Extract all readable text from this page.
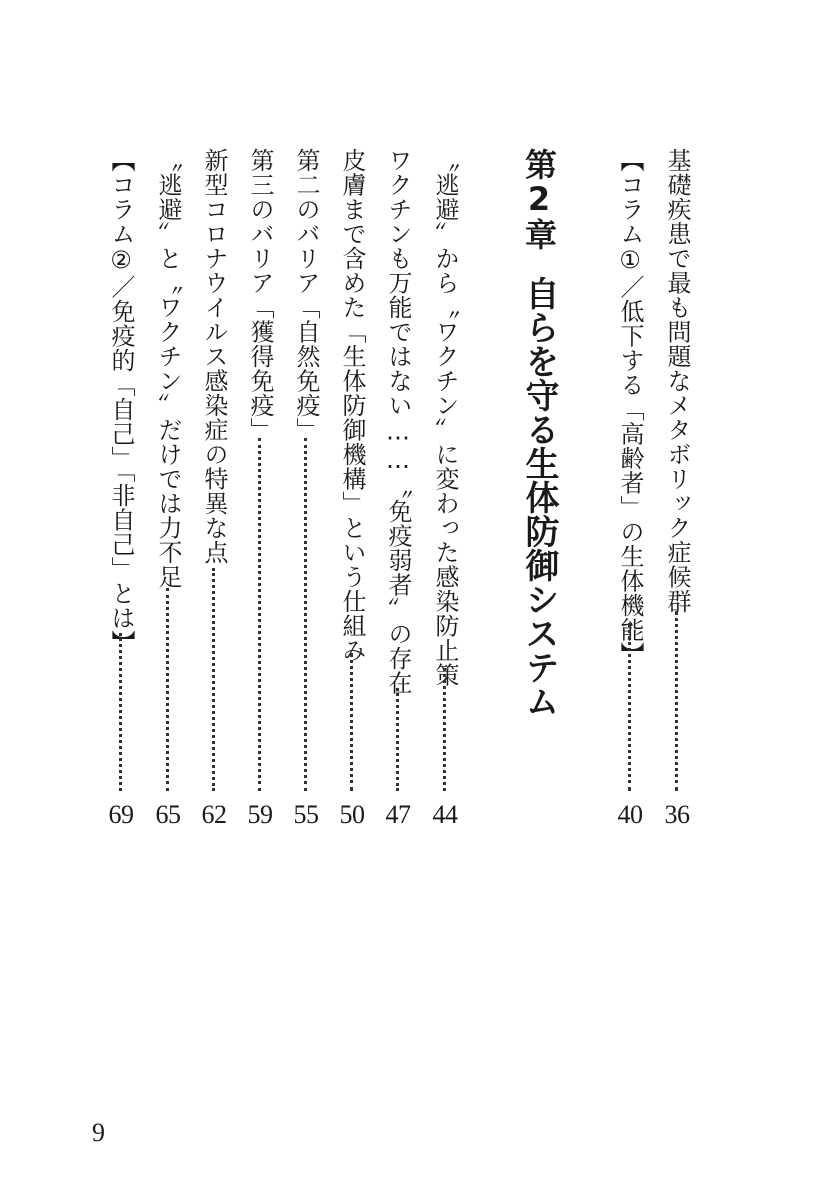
基礎疾患で最も問題なメタボリック症候群
36
【コラム①／低下する「高齢者」の生体機能】
40
第2章
自らを守る生体防御システム
〝逃避〟から〝ワクチン〟に変わった感染防止策
44
ワクチンも万能ではない……〝免疫弱者〟の存在
47
皮膚まで含めた「生体防御機構」という仕組み
50
第二のバリア「自然免疫」
55
第三のバリア「獲得免疫」
59
新型コロナウイルス感染症の特異な点
62
〝逃避〟と〝ワクチン〟だけでは力不足
65
【コラム②／免疫的「自己」「非自己」とは】
69
9
